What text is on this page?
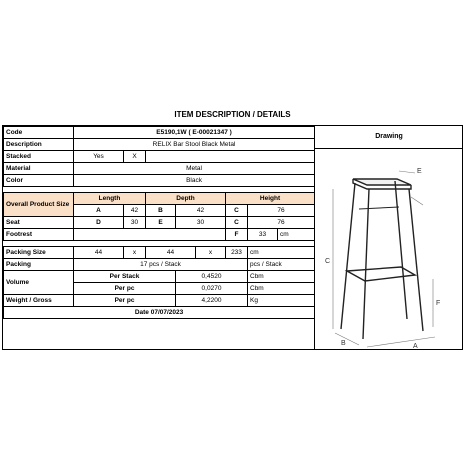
ITEM DESCRIPTION / DETAILS
Code	E5190,1W ( E-00021347 )								
Description	RELIX Bar Stool Black Metal								
Stacked	Yes	X							
Material	Metal								
Color	Black								

Overall Product Size	Length		Depth			Height			
	A	42	B	42		C	76	
Seat	D	30	E	30		C	76		
Footrest						F	33	cm	

Packing Size	44	x	44		x	233	cm		
Packing	17 pcs / Stack						pcs / Stack		
Volume	Per Stack			0,4520			Cbm		
	Per pc			0,0270			Cbm		
Weight / Gross	Per pc			4,2200			Kg		
Date 07/07/2023									
Drawing
C
E
B	A
F
